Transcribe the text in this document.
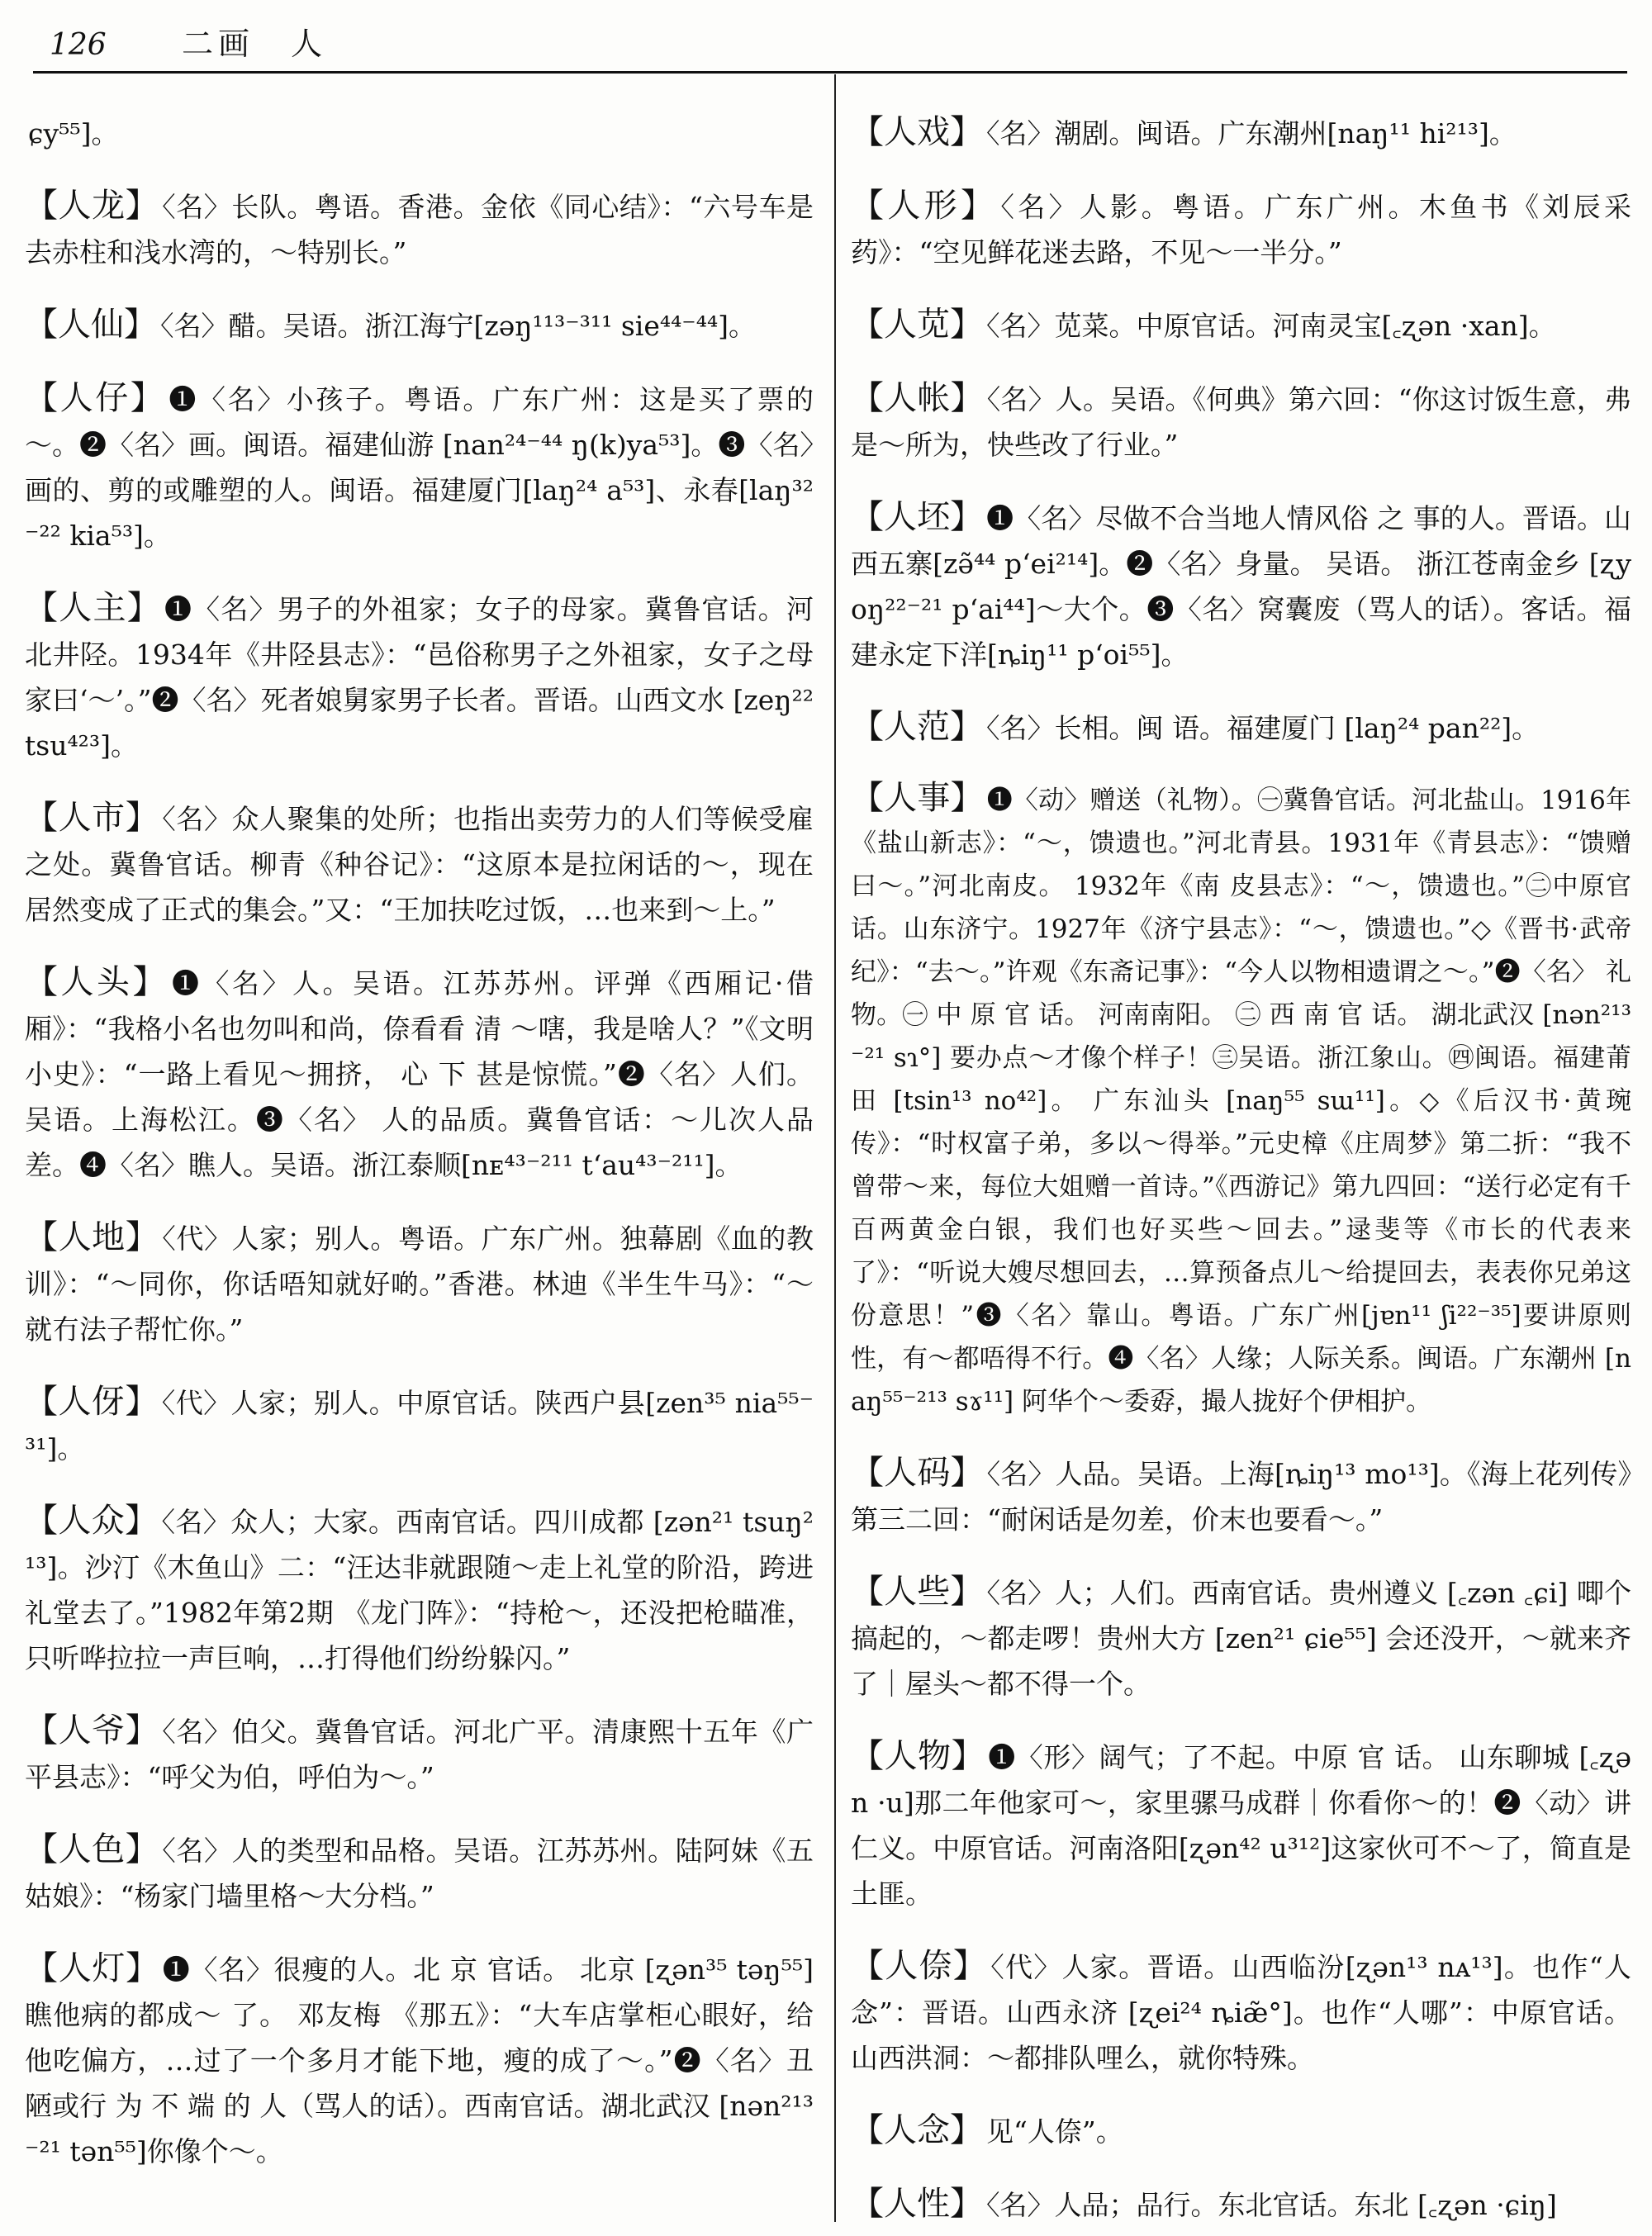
126	二画　人

ɕy⁵⁵]。

【人龙】 〈名〉长队。粤语。香港。金依《同心结》：“六号车是去赤柱和浅水湾的，～特别长。”

【人仙】 〈名〉醋。吴语。浙江海宁[zəŋ¹¹³⁻³¹¹ sie⁴⁴⁻⁴⁴]。

【人仔】 ❶〈名〉小孩子。粤语。广东广州：这是买了票的～。❷〈名〉画。闽语。福建仙游 [nan²⁴⁻⁴⁴ ŋ(k)ya⁵³]。❸〈名〉画的、剪的或雕塑的人。闽语。福建厦门[laŋ²⁴ a⁵³]、永春[laŋ³²⁻²² kia⁵³]。

【人主】 ❶〈名〉男子的外祖家；女子的母家。冀鲁官话。河北井陉。1934年《井陉县志》：“邑俗称男子之外祖家，女子之母家曰‘～’。”❷〈名〉死者娘舅家男子长者。晋语。山西文水 [zeŋ²² tsu⁴²³]。

【人市】 〈名〉众人聚集的处所；也指出卖劳力的人们等候受雇之处。冀鲁官话。柳青《种谷记》：“这原本是拉闲话的～，现在居然变成了正式的集会。”又：“王加扶吃过饭，…也来到～上。”

【人头】 ❶〈名〉人。吴语。江苏苏州。评弹《西厢记·借厢》：“我格小名也勿叫和尚，倷看看 清 ～嗐，我是啥人？”《文明小史》：“一路上看见～拥挤， 心 下 甚是惊慌。”❷〈名〉人们。吴语。上海松江。❸〈名〉 人的品质。冀鲁官话：～儿次人品差。❹〈名〉瞧人。吴语。浙江泰顺[nᴇ⁴³⁻²¹¹ t‘au⁴³⁻²¹¹]。

【人地】 〈代〉人家；别人。粤语。广东广州。独幕剧《血的教训》：“～同你，你话唔知就好啲。”香港。林迪《半生牛马》：“～就冇法子帮忙你。”

【人伢】 〈代〉人家；别人。中原官话。陕西户县[zen³⁵ nia⁵⁵⁻³¹]。

【人众】 〈名〉众人；大家。西南官话。四川成都 [zən²¹ tsuŋ²¹³]。沙汀《木鱼山》二：“汪达非就跟随～走上礼堂的阶沿，跨进礼堂去了。”1982年第2期 《龙门阵》：“持枪～，还没把枪瞄准，只听哗拉拉一声巨响，…打得他们纷纷躲闪。”

【人爷】 〈名〉伯父。冀鲁官话。河北广平。清康熙十五年《广平县志》：“呼父为伯，呼伯为～。”

【人色】 〈名〉人的类型和品格。吴语。江苏苏州。陆阿妹《五姑娘》：“杨家门墙里格～大分档。”

【人灯】 ❶〈名〉很瘦的人。北 京 官话。 北京 [ʐən³⁵ təŋ⁵⁵] 瞧他病的都成～ 了。 邓友梅 《那五》：“大车店掌柜心眼好，给他吃偏方，…过了一个多月才能下地，瘦的成了～。”❷〈名〉丑陋或行 为 不 端 的 人（骂人的话）。西南官话。湖北武汉 [nən²¹³⁻²¹ tən⁵⁵]你像个～。

【人戏】 〈名〉潮剧。闽语。广东潮州[naŋ¹¹ hi²¹³]。

【人形】 〈名〉人影。粤语。广东广州。木鱼书《刘辰采药》：“空见鲜花迷去路，不见～一半分。”

【人苋】 〈名〉苋菜。中原官话。河南灵宝[꜀ʐən ·xan]。

【人帐】 〈名〉人。吴语。《何典》第六回：“你这讨饭生意，弗是～所为，快些改了行业。”

【人坯】 ❶〈名〉尽做不合当地人情风俗 之 事的人。晋语。山西五寨[zə̃⁴⁴ p‘ei²¹⁴]。❷〈名〉身量。 吴语。 浙江苍南金乡 [ʐyoŋ²²⁻²¹ p‘ai⁴⁴]～大个。❸〈名〉窝囊废（骂人的话）。客话。福建永定下洋[ȵiŋ¹¹ p‘oi⁵⁵]。

【人范】 〈名〉长相。闽 语。福建厦门 [laŋ²⁴ pan²²]。

【人事】 ❶〈动〉赠送（礼物）。㊀冀鲁官话。河北盐山。1916年《盐山新志》：“～，馈遗也。”河北青县。1931年《青县志》：“馈赠曰～。”河北南皮。 1932年《南 皮县志》：“～，馈遗也。”㊁中原官话。山东济宁。1927年《济宁县志》：“～，馈遗也。”◇《晋书·武帝纪》：“去～。”许观《东斋记事》：“今人以物相遗谓之～。”❷〈名〉 礼物。㊀ 中 原 官 话。 河南南阳。 ㊁ 西 南 官 话。 湖北武汉 [nən²¹³⁻²¹ sɿ°] 要办点～才像个样子！㊂吴语。浙江象山。㊃闽语。福建莆田 [tsin¹³ no⁴²]。 广东汕头 [naŋ⁵⁵ sɯ¹¹]。◇《后汉书·黄琬传》：“时权富子弟，多以～得举。”元史樟《庄周梦》第二折：“我不曾带～来，每位大姐赠一首诗。”《西游记》第九四回：“送行必定有千百两黄金白银，我们也好买些～回去。”逯斐等《市长的代表来了》：“听说大嫂尽想回去，…算预备点儿～给提回去，表表你兄弟这份意思！”❸〈名〉靠山。粤语。广东广州[jɐn¹¹ ʃi²²⁻³⁵]要讲原则性，有～都唔得不行。❹〈名〉人缘；人际关系。闽语。广东潮州 [naŋ⁵⁵⁻²¹³ sɤ¹¹] 阿华个～委孬，撮人拢好个伊相护。

【人码】 〈名〉人品。吴语。上海[ȵiŋ¹³ mo¹³]。《海上花列传》第三二回：“耐闲话是勿差，价末也要看～。”

【人些】 〈名〉人；人们。西南官话。贵州遵义 [꜀zən ꜀ɕi] 唧个搞起的，～都走啰！贵州大方 [zen²¹ ɕie⁵⁵] 会还没开，～就来齐了｜屋头～都不得一个。

【人物】 ❶〈形〉阔气；了不起。中原 官 话。 山东聊城 [꜀ʐən ·u]那二年他家可～，家里骡马成群｜你看你～的！❷〈动〉讲仁义。中原官话。河南洛阳[ʐən⁴² u³¹²]这家伙可不～了，简直是土匪。

【人倷】 〈代〉人家。晋语。山西临汾[ʐən¹³ nᴀ¹³]。也作“人念”：晋语。山西永济 [ʐei²⁴ ȵiæ̃°]。也作“人哪”：中原官话。山西洪洞：～都排队哩么，就你特殊。

【人念】 见“人倷”。

【人性】 〈名〉人品；品行。东北官话。东北 [꜀ʐən ·ɕiŋ]
